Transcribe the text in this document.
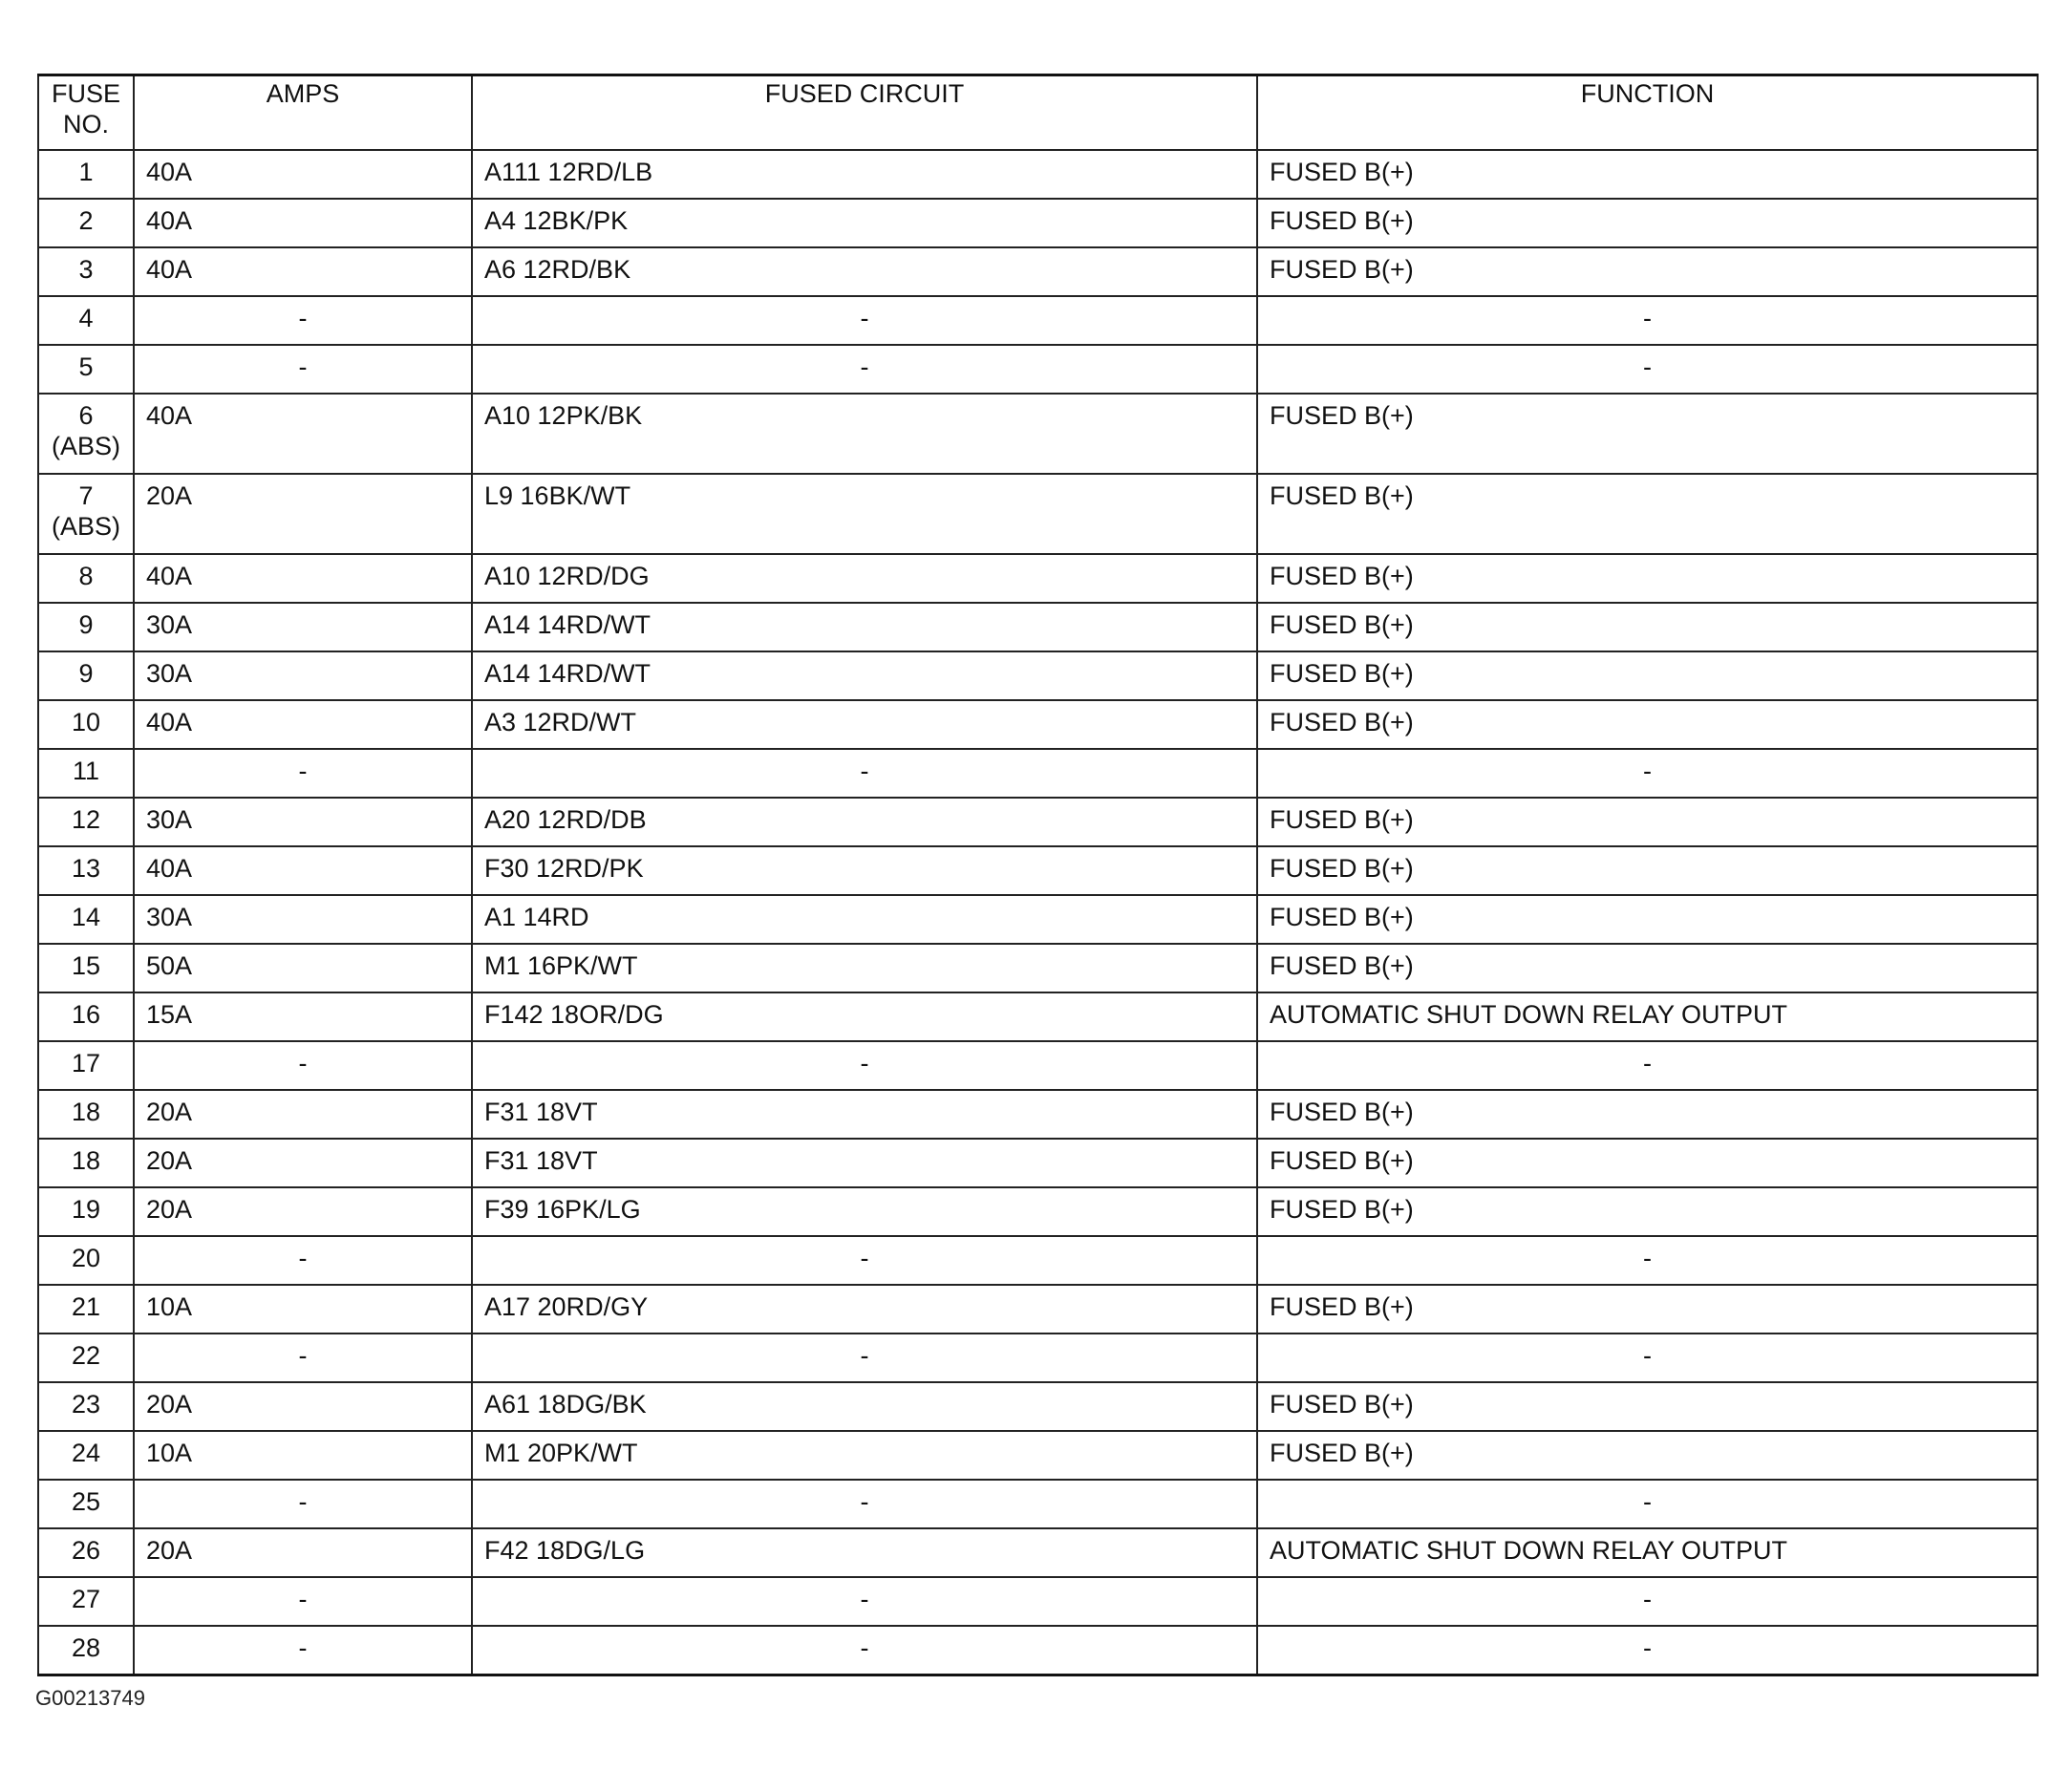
FUSE NO.	AMPS	FUSED CIRCUIT	FUNCTION
1	40A	A111 12RD/LB	FUSED B(+)
2	40A	A4 12BK/PK	FUSED B(+)
3	40A	A6 12RD/BK	FUSED B(+)
4	-	-	-
5	-	-	-
6 (ABS)	40A	A10 12PK/BK	FUSED B(+)
7 (ABS)	20A	L9 16BK/WT	FUSED B(+)
8	40A	A10 12RD/DG	FUSED B(+)
9	30A	A14 14RD/WT	FUSED B(+)
9	30A	A14 14RD/WT	FUSED B(+)
10	40A	A3 12RD/WT	FUSED B(+)
11	-	-	-
12	30A	A20 12RD/DB	FUSED B(+)
13	40A	F30 12RD/PK	FUSED B(+)
14	30A	A1 14RD	FUSED B(+)
15	50A	M1 16PK/WT	FUSED B(+)
16	15A	F142 18OR/DG	AUTOMATIC SHUT DOWN RELAY OUTPUT
17	-	-	-
18	20A	F31 18VT	FUSED B(+)
18	20A	F31 18VT	FUSED B(+)
19	20A	F39 16PK/LG	FUSED B(+)
20	-	-	-
21	10A	A17 20RD/GY	FUSED B(+)
22	-	-	-
23	20A	A61 18DG/BK	FUSED B(+)
24	10A	M1 20PK/WT	FUSED B(+)
25	-	-	-
26	20A	F42 18DG/LG	AUTOMATIC SHUT DOWN RELAY OUTPUT
27	-	-	-
28	-	-	-
G00213749
